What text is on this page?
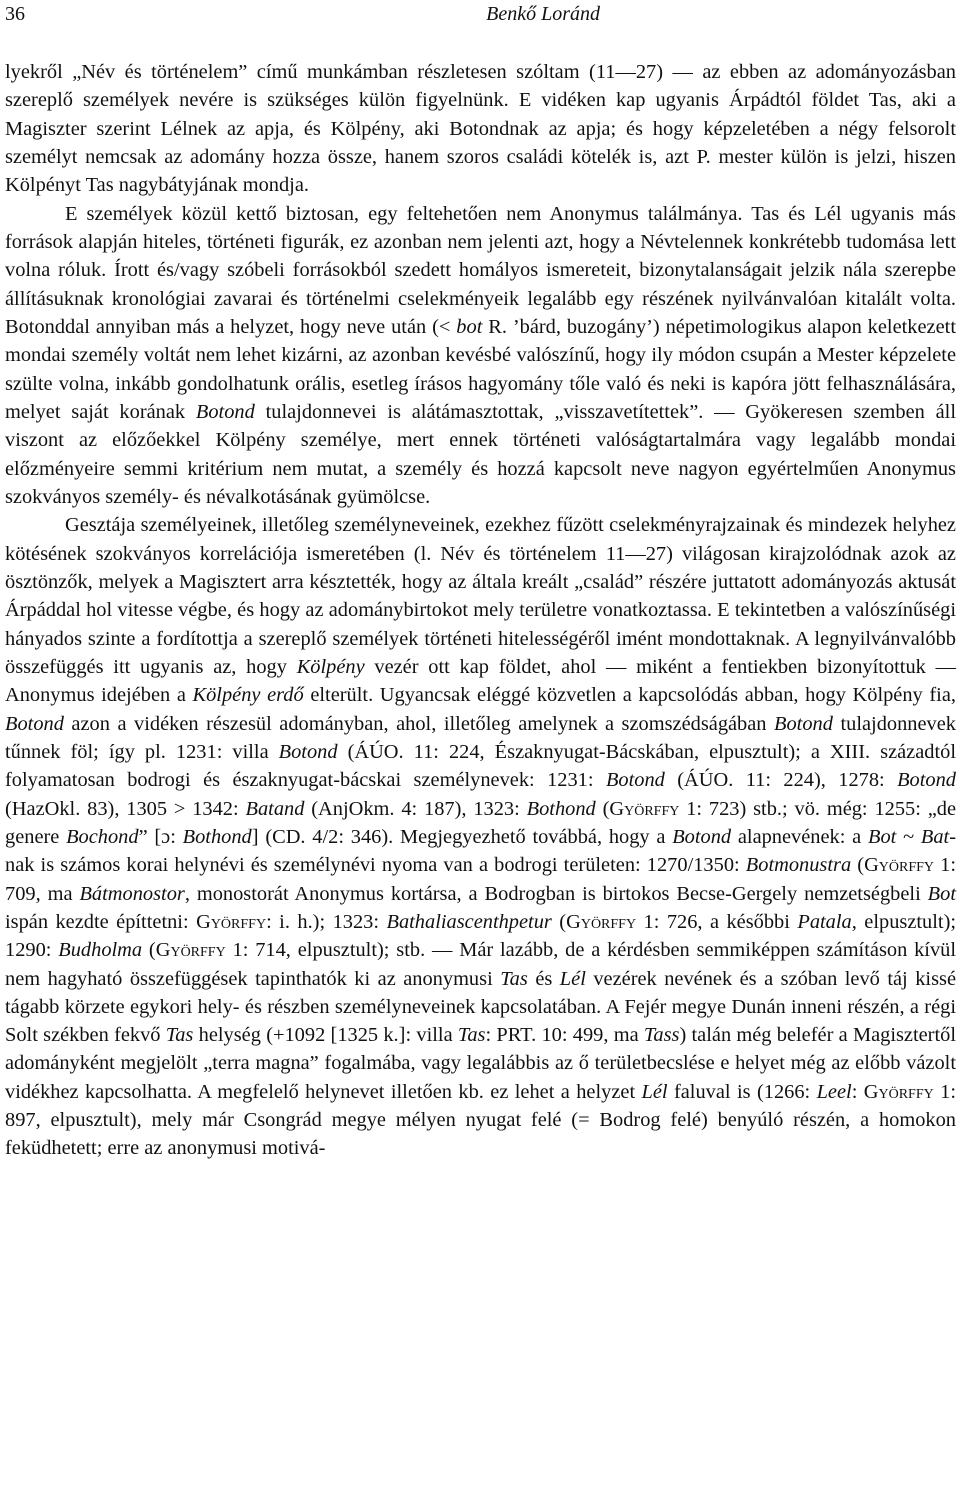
36	Benkő Loránd

lyekről „Név és történelem” című munkámban részletesen szóltam (11—27) — az ebben az adományozásban szereplő személyek nevére is szükséges külön figyelnünk. E vidéken kap ugyanis Árpádtól földet Tas, aki a Magiszter szerint Lélnek az apja, és Kölpény, aki Botondnak az apja; és hogy képzeletében a négy felsorolt személyt nemcsak az adomány hozza össze, hanem szoros családi kötelék is, azt P. mester külön is jelzi, hiszen Kölpényt Tas nagybátyjának mondja.

E személyek közül kettő biztosan, egy feltehetően nem Anonymus találmánya. Tas és Lél ugyanis más források alapján hiteles, történeti figurák, ez azonban nem jelenti azt, hogy a Névtelennek konkrétebb tudomása lett volna róluk. Írott és/vagy szóbeli forrásokból szedett homályos ismereteit, bizonytalanságait jelzik nála szerepbe állításuknak kronológiai zavarai és történelmi cselekményeik legalább egy részének nyilvánvalóan kitalált volta. Botonddal annyiban más a helyzet, hogy neve után (< bot R. ’bárd, buzogány’) népetimologikus alapon keletkezett mondai személy voltát nem lehet kizárni, az azonban kevésbé valószínű, hogy ily módon csupán a Mester képzelete szülte volna, inkább gondolhatunk orális, esetleg írásos hagyomány tőle való és neki is kapóra jött felhasználására, melyet saját korának Botond tulajdonnevei is alátámasztottak, „visszavetítettek”. — Gyökeresen szemben áll viszont az előzőekkel Kölpény személye, mert ennek történeti valóságtartalmára vagy legalább mondai előzményeire semmi kritérium nem mutat, a személy és hozzá kapcsolt neve nagyon egyértelműen Anonymus szokványos személy- és névalkotásának gyümölcse.

Gesztája személyeinek, illetőleg személyneveinek, ezekhez fűzött cselekményrajzainak és mindezek helyhez kötésének szokványos korrelációja ismeretében (l. Név és történelem 11—27) világosan kirajzolódnak azok az ösztönzők, melyek a Magisztert arra késztették, hogy az általa kreált „család” részére juttatott adományozás aktusát Árpáddal hol vitesse végbe, és hogy az adománybirtokot mely területre vonatkoztassa. E tekintetben a valószínűségi hányados szinte a fordítottja a szereplő személyek történeti hitelességéről imént mondottaknak. A legnyilvánvalóbb összefüggés itt ugyanis az, hogy Kölpény vezér ott kap földet, ahol — miként a fentiekben bizonyítottuk — Anonymus idejében a Kölpény erdő elterült. Ugyancsak eléggé közvetlen a kapcsolódás abban, hogy Kölpény fia, Botond azon a vidéken részesül adományban, ahol, illetőleg amelynek a szomszédságában Botond tulajdonnevek tűnnek föl; így pl. 1231: villa Botond (ÁÚO. 11: 224, Északnyugat-Bácskában, elpusztult); a XIII. századtól folyamatosan bodrogi és északnyugat-bácskai személynevek: 1231: Botond (ÁÚO. 11: 224), 1278: Botond (HazOkl. 83), 1305 > 1342: Batand (AnjOkm. 4: 187), 1323: Bothond (Györffy 1: 723) stb.; vö. még: 1255: „de genere Bochond” [ɔ: Bothond] (CD. 4/2: 346). Megjegyezhető továbbá, hogy a Botond alapnevének: a Bot ~ Bat-nak is számos korai helynévi és személynévi nyoma van a bodrogi területen: 1270/1350: Botmonustra (Györffy 1: 709, ma Bátmonostor, monostorát Anonymus kortársa, a Bodrogban is birtokos Becse-Gergely nemzetségbeli Bot ispán kezdte építtetni: Györffy: i. h.); 1323: Bathaliascenthpetur (Györffy 1: 726, a későbbi Patala, elpusztult); 1290: Budholma (Györffy 1: 714, elpusztult); stb. — Már lazább, de a kérdésben semmiképpen számításon kívül nem hagyható összefüggések tapinthatók ki az anonymusi Tas és Lél vezérek nevének és a szóban levő táj kissé tágabb körzete egykori hely- és részben személyneveinek kapcsolatában. A Fejér megye Dunán inneni részén, a régi Solt székben fekvő Tas helység (+1092 [1325 k.]: villa Tas: PRT. 10: 499, ma Tass) talán még belefér a Magisztertől adományként megjelölt „terra magna” fogalmába, vagy legalábbis az ő területbecslése e helyet még az előbb vázolt vidékhez kapcsolhatta. A megfelelő helynevet illetően kb. ez lehet a helyzet Lél faluval is (1266: Leel: Györffy 1: 897, elpusztult), mely már Csongrád megye mélyen nyugat felé (= Bodrog felé) benyúló részén, a homokon feküdhetett; erre az anonymusi motivá-
